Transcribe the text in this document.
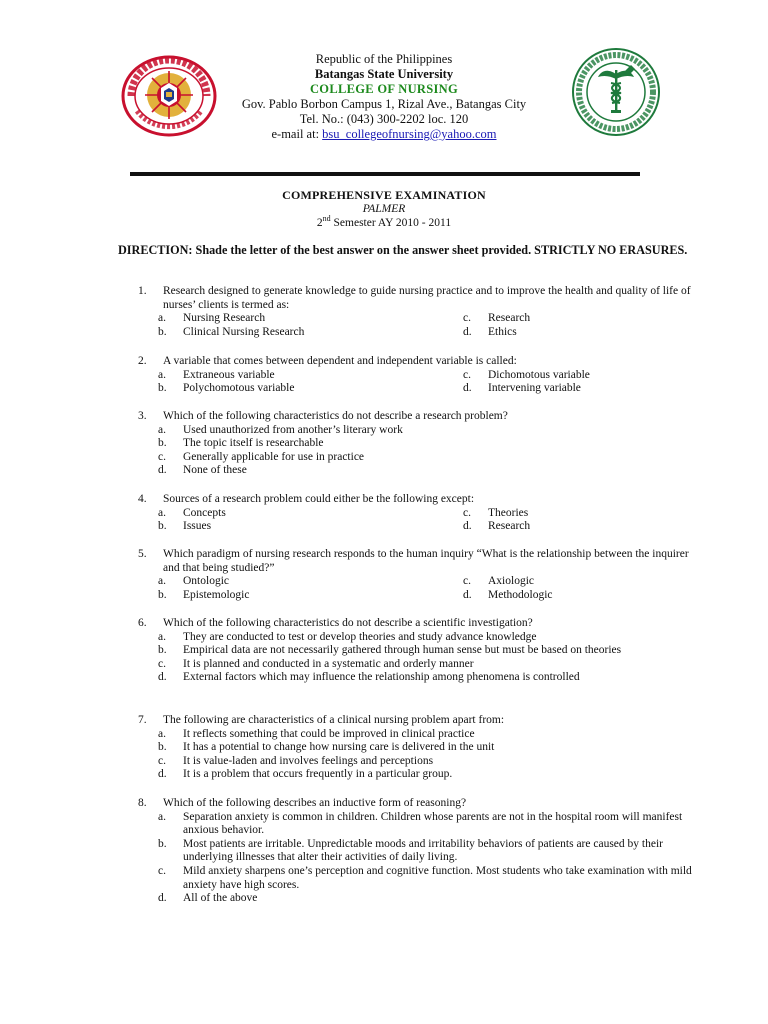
Republic of the Philippines
Batangas State University
COLLEGE OF NURSING
Gov. Pablo Borbon Campus 1, Rizal Ave., Batangas City
Tel. No.: (043) 300-2202 loc. 120
e-mail at: bsu_collegeofnursing@yahoo.com
COMPREHENSIVE EXAMINATION
PALMER
2nd Semester AY 2010 - 2011
DIRECTION: Shade the letter of the best answer on the answer sheet provided. STRICTLY NO ERASURES.
1.	Research designed to generate knowledge to guide nursing practice and to improve the health and quality of life of nurses’ clients is termed as:
a.	Nursing Research	c.	Research
b.	Clinical Nursing Research	d.	Ethics
2.	A variable that comes between dependent and independent variable is called:
a.	Extraneous variable	c.	Dichomotous variable
b.	Polychomotous variable	d.	Intervening variable
3.	Which of the following characteristics do not describe a research problem?
a.	Used unauthorized from another’s literary work
b.	The topic itself is researchable
c.	Generally applicable for use in practice
d.	None of these
4.	Sources of a research problem could either be the following except:
a.	Concepts	c.	Theories
b.	Issues	d.	Research
5.	Which paradigm of nursing research responds to the human inquiry “What is the relationship between the inquirer and that being studied?”
a.	Ontologic	c.	Axiologic
b.	Epistemologic	d.	Methodologic
6.	Which of the following characteristics do not describe a scientific investigation?
a.	They are conducted to test or develop theories and study advance knowledge
b.	Empirical data are not necessarily gathered through human sense but must be based on theories
c.	It is planned and conducted in a systematic and orderly manner
d.	External factors which may influence the relationship among phenomena is controlled
7.	The following are characteristics of a clinical nursing problem apart from:
a.	It reflects something that could be improved in clinical practice
b.	It has a potential to change how nursing care is delivered in the unit
c.	It is value-laden and involves feelings and perceptions
d.	It is a problem that occurs frequently in a particular group.
8.	Which of the following describes an inductive form of reasoning?
a.	Separation anxiety is common in children. Children whose parents are not in the hospital room will manifest anxious behavior.
b.	Most patients are irritable. Unpredictable moods and irritability behaviors of patients are caused by their underlying illnesses that alter their activities of daily living.
c.	Mild anxiety sharpens one’s perception and cognitive function. Most students who take examination with mild anxiety have high scores.
d.	All of the above
